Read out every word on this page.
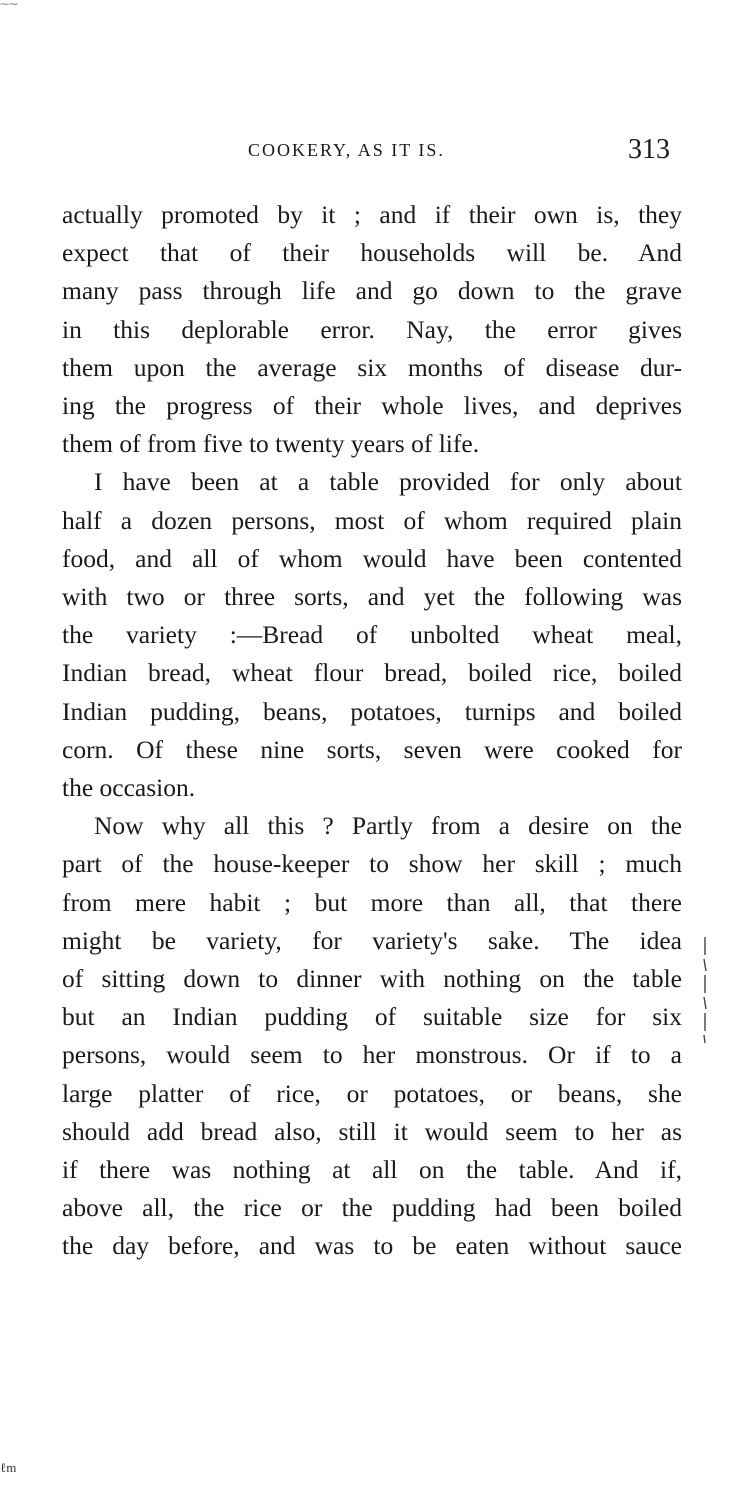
⁓⁓
COOKERY, AS IT IS.	313
actually promoted by it ; and if their own is, they
expect that of their households will be. And
many pass through life and go down to the grave
in this deplorable error. Nay, the error gives
them upon the average six months of disease dur-
ing the progress of their whole lives, and deprives
them of from five to twenty years of life.
I have been at a table provided for only about
half a dozen persons, most of whom required plain
food, and all of whom would have been contented
with two or three sorts, and yet the following was
the variety :—Bread of unbolted wheat meal,
Indian bread, wheat flour bread, boiled rice, boiled
Indian pudding, beans, potatoes, turnips and boiled
corn. Of these nine sorts, seven were cooked for
the occasion.
Now why all this ? Partly from a desire on the
part of the house-keeper to show her skill ; much
from mere habit ; but more than all, that there
might be variety, for variety's sake. The idea
of sitting down to dinner with nothing on the table
but an Indian pudding of suitable size for six
persons, would seem to her monstrous. Or if to a
large platter of rice, or potatoes, or beans, she
should add bread also, still it would seem to her as
if there was nothing at all on the table. And if,
above all, the rice or the pudding had been boiled
the day before, and was to be eaten without sauce
ℓm
